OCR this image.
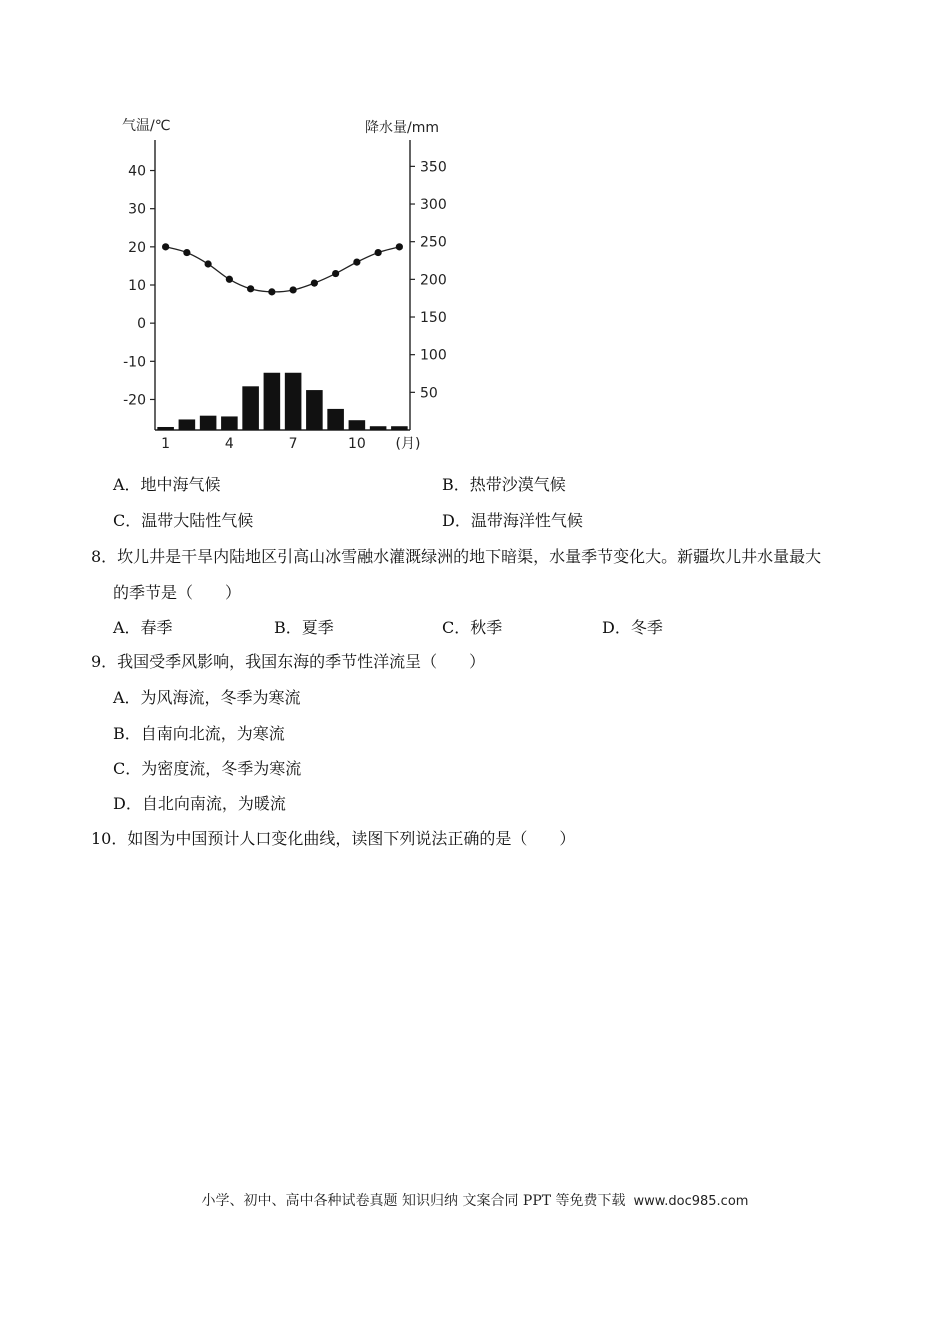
气温/℃	降水量/mm
40
30
20
10
0
-10
-20
350
300
250
200
150
100
50
1	4	7	10 (月)
A．地中海气候	B．热带沙漠气候
C．温带大陆性气候	D．温带海洋性气候
8．坎儿井是干旱内陆地区引高山冰雪融水灌溉绿洲的地下暗渠，水量季节变化大。新疆坎儿井水量最大
的季节是（　　）
A．春季	B．夏季	C．秋季	D．冬季
9．我国受季风影响，我国东海的季节性洋流呈（　　）
A．为风海流，冬季为寒流
B．自南向北流，为寒流
C．为密度流，冬季为寒流
D．自北向南流，为暖流
10．如图为中国预计人口变化曲线，读图下列说法正确的是（　　）
小学、初中、高中各种试卷真题 知识归纳 文案合同 PPT 等免费下载 www.doc985.com
